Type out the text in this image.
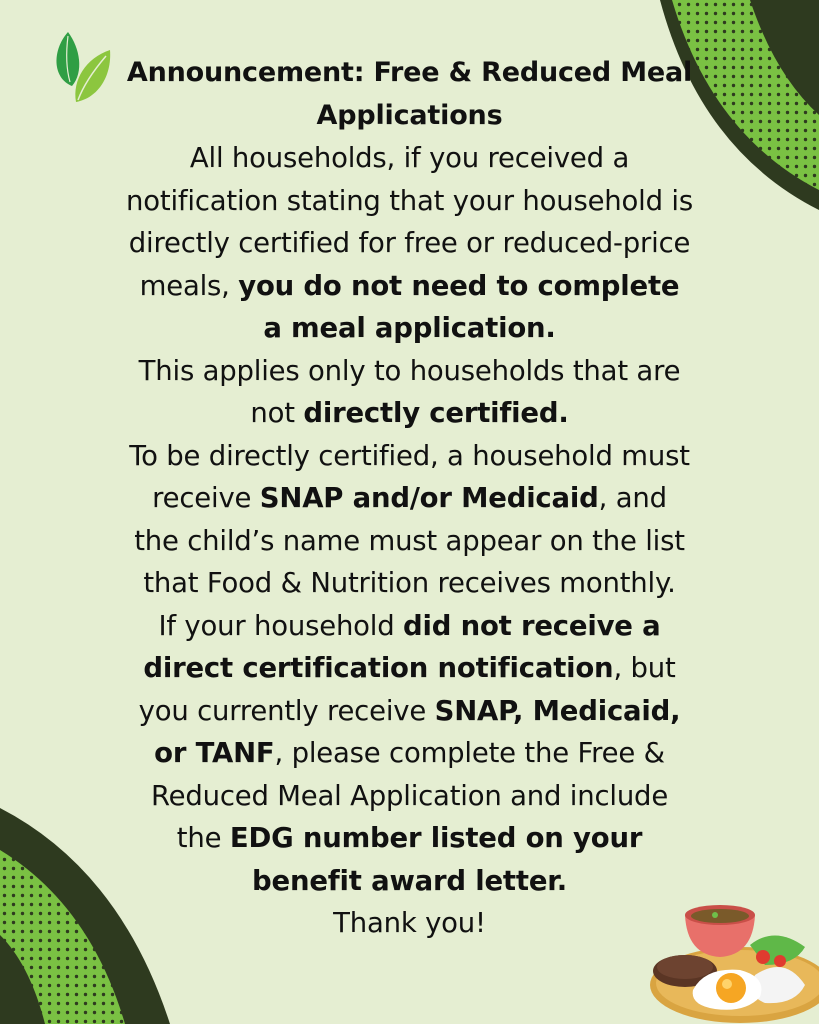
Announcement: Free & Reduced Meal Applications

All households, if you received a notification stating that your household is directly certified for free or reduced-price meals, you do not need to complete a meal application.

This applies only to households that are not directly certified.

To be directly certified, a household must receive SNAP and/or Medicaid, and the child’s name must appear on the list that Food & Nutrition receives monthly.

If your household did not receive a direct certification notification, but you currently receive SNAP, Medicaid, or TANF, please complete the Free & Reduced Meal Application and include the EDG number listed on your benefit award letter.

Thank you!
